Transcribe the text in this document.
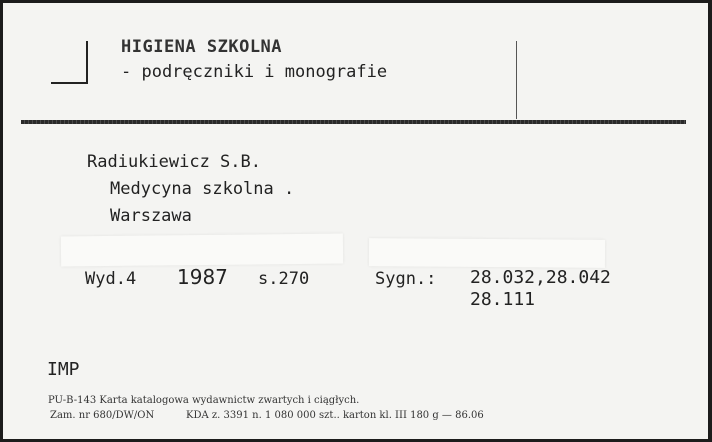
HIGIENA SZKOLNA
- podręczniki i monografie
Radiukiewicz S.B.
Medycyna szkolna .
Warszawa
Wyd.4 1987 s.270	Sygn.: 28.032,28.042
28.111
IMP
PU-B-143 Karta katalogowa wydawnictw zwartych i ciągłych.
Zam. nr 680/DW/ON          KDA z. 3391 n. 1 080 000 szt.. karton kl. III 180 g — 86.06
